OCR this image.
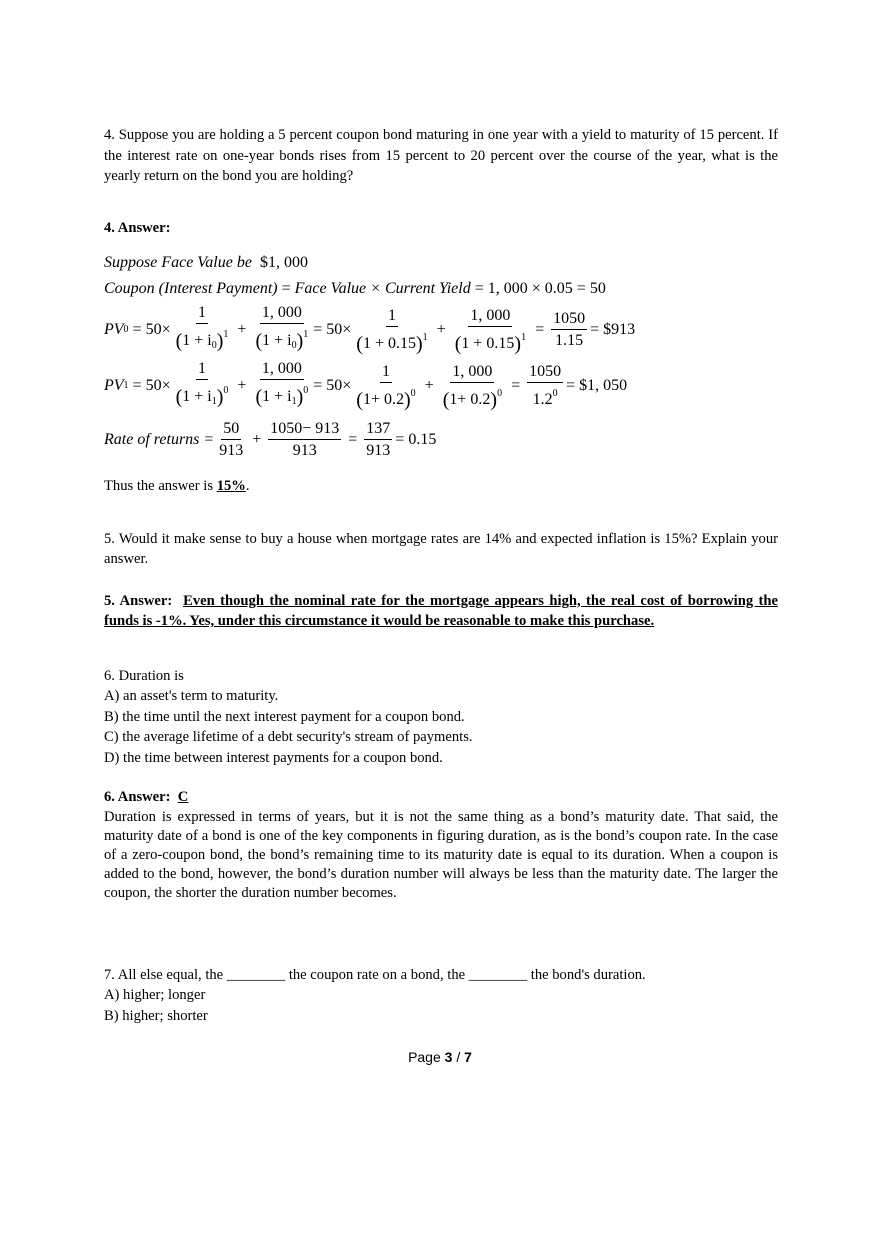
4. Suppose you are holding a 5 percent coupon bond maturing in one year with a yield to maturity of 15 percent. If the interest rate on one-year bonds rises from 15 percent to 20 percent over the course of the year, what is the yearly return on the bond you are holding?

4. Answer:

Suppose Face Value be
$1, 000
Coupon (Interest Payment) = Face Value × Current Yield = 1, 000 × 0.05 = 50
PV $0 = 50\times \frac{1}{(1 + i_0)^1} + \frac{1, 000}{(1 + i_0)^1} = 50\times \frac{1}{(1 + 0.15)^1} + \frac{1, 000}{(1 + 0.15)^1} = \frac{1050}{1.15}$ = $913
PV $1 = 50\times \frac{1}{(1 + i_1)^0} + \frac{1, 000}{(1 + i_1)^0} = 50\times \frac{1}{(1+ 0.2)^0} + \frac{1, 000}{(1+ 0.2)^0} = \frac{1050}{1.2^0}$ = $1, 050
Rate of returns = $\frac{50}{913} + \frac{1050- 913}{913} = \frac{137}{913} = 0.15$

Thus the answer is 15%.

5. Would it make sense to buy a house when mortgage rates are 14% and expected inflation is 15%? Explain your answer.

5. Answer: Even though the nominal rate for the mortgage appears high, the real cost of borrowing the funds is -1%. Yes, under this circumstance it would be reasonable to make this purchase.

6. Duration is

A) an asset's term to maturity.

B) the time until the next interest payment for a coupon bond.

C) the average lifetime of a debt security's stream of payments.

D) the time between interest payments for a coupon bond.

6. Answer: C

Duration is expressed in terms of years, but it is not the same thing as a bond’s maturity date. That said, the maturity date of a bond is one of the key components in figuring duration, as is the bond’s coupon rate. In the case of a zero-coupon bond, the bond’s remaining time to its maturity date is equal to its duration. When a coupon is added to the bond, however, the bond’s duration number will always be less than the maturity date. The larger the coupon, the shorter the duration number becomes.

7. All else equal, the ________ the coupon rate on a bond, the ________ the bond's duration.

A) higher; longer

B) higher; shorter

Page 3 / 7
